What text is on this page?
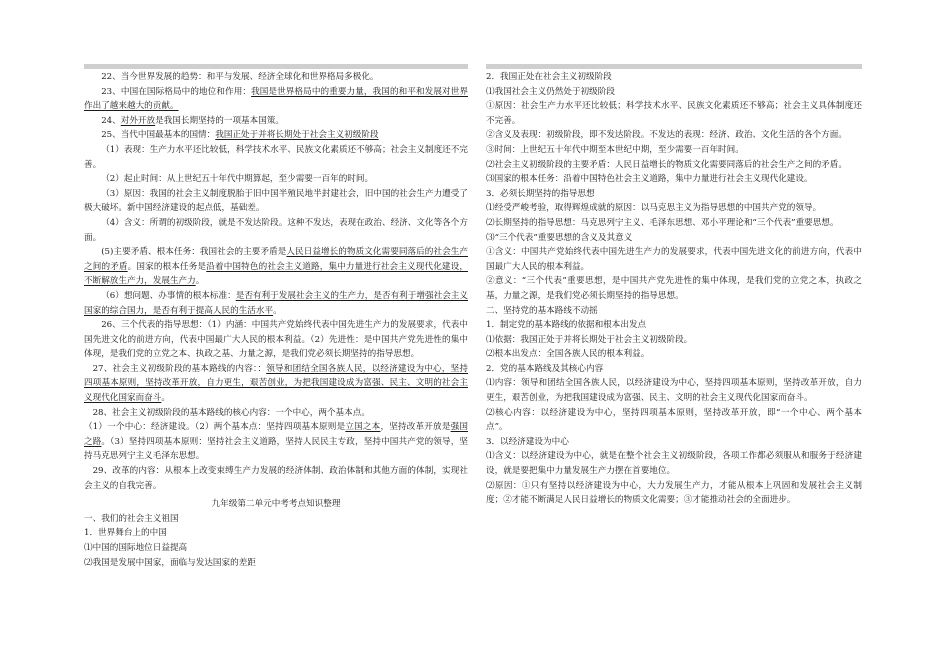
22、当今世界发展的趋势：和平与发展、经济全球化和世界格局多极化。

23、中国在国际格局中的地位和作用：我国是世界格局中的重要力量，我国的和平和发展对世界作出了越来越大的贡献。

24、对外开放是我国长期坚持的一项基本国策。

25、当代中国最基本的国情：我国正处于并将长期处于社会主义初级阶段

（1）表现：生产力水平还比较低，科学技术水平、民族文化素质还不够高；社会主义制度还不完善。

（2）起止时间：从上世纪五十年代中期算起，至少需要一百年的时间。

（3）原因：我国的社会主义制度脱胎于旧中国半殖民地半封建社会，旧中国的社会生产力遭受了极大破坏。新中国经济建设的起点低，基础差。

（4）含义：所谓的初级阶段，就是不发达阶段。这种不发达，表现在政治、经济、文化等各个方面。

(5)主要矛盾、根本任务：我国社会的主要矛盾是人民日益增长的物质文化需要同落后的社会生产之间的矛盾。国家的根本任务是沿着中国特色的社会主义道路，集中力量进行社会主义现代化建设，不断解放生产力，发展生产力。

（6）想问题、办事情的根本标准：是否有利于发展社会主义的生产力，是否有利于增强社会主义国家的综合国力，是否有利于提高人民的生活水平。

26、三个代表的指导思想：（1）内涵：中国共产党始终代表中国先进生产力的发展要求，代表中国先进文化的前进方向，代表中国最广大人民的根本利益。（2）先进性：是中国共产党先进性的集中体现，是我们党的立党之本、执政之基、力量之源，是我们党必须长期坚持的指导思想。

27、社会主义初级阶段的基本路线的内容：：领导和团结全国各族人民，以经济建设为中心，坚持四项基本原则，坚持改革开放，自力更生，艰苦创业，为把我国建设成为富强、民主、文明的社会主义现代化国家而奋斗。

28、社会主义初级阶段的基本路线的核心内容：一个中心，两个基本点。

（1）一个中心：经济建设。（2）两个基本点：坚持四项基本原则是立国之本，坚持改革开放是强国之路。（3）坚持四项基本原则：坚持社会主义道路，坚持人民民主专政，坚持中国共产党的领导，坚持马克思列宁主义毛泽东思想。

29、改革的内容：从根本上改变束缚生产力发展的经济体制、政治体制和其他方面的体制，实现社会主义的自我完善。

九年级第二单元中考考点知识整理

一、我们的社会主义祖国

1．世界舞台上的中国

⑴中国的国际地位日益提高

⑵我国是发展中国家，面临与发达国家的差距

2．我国正处在社会主义初级阶段

⑴我国社会主义仍然处于初级阶段

①原因：社会生产力水平还比较低；科学技术水平、民族文化素质还不够高；社会主义具体制度还不完善。

②含义及表现：初级阶段，即不发达阶段。不发达的表现：经济、政治、文化生活的各个方面。

③时间：上世纪五十年代中期至本世纪中期，至少需要一百年时间。

⑵社会主义初级阶段的主要矛盾：人民日益增长的物质文化需要同落后的社会生产之间的矛盾。

⑶国家的根本任务：沿着中国特色社会主义道路，集中力量进行社会主义现代化建设。

3．必须长期坚持的指导思想

⑴经受严峻考验，取得辉煌成就的原因：以马克思主义为指导思想的中国共产党的领导。

⑵长期坚持的指导思想：马克思列宁主义、毛泽东思想、邓小平理论和“三个代表”重要思想。

⑶“三个代表”重要思想的含义及其意义

①含义：中国共产党始终代表中国先进生产力的发展要求，代表中国先进文化的前进方向，代表中国最广大人民的根本利益。

②意义：“三个代表”重要思想，是中国共产党先进性的集中体现，是我们党的立党之本，执政之基，力量之源，是我们党必须长期坚持的指导思想。

二、坚持党的基本路线不动摇

1．制定党的基本路线的依据和根本出发点

⑴依据：我国正处于并将长期处于社会主义初级阶段。

⑵根本出发点：全国各族人民的根本利益。

2．党的基本路线及其核心内容

⑴内容：领导和团结全国各族人民，以经济建设为中心，坚持四项基本原则，坚持改革开放，自力更生，艰苦创业，为把我国建设成为富强、民主、文明的社会主义现代化国家而奋斗。

⑵核心内容：以经济建设为中心，坚持四项基本原则，坚持改革开放，即“一个中心、两个基本点”。

3．以经济建设为中心

⑴含义：以经济建设为中心，就是在整个社会主义初级阶段，各项工作都必须服从和服务于经济建设，就是要把集中力量发展生产力摆在首要地位。

⑵原因：①只有坚持以经济建设为中心，大力发展生产力，才能从根本上巩固和发展社会主义制度；②才能不断满足人民日益增长的物质文化需要；③才能推动社会的全面进步。
